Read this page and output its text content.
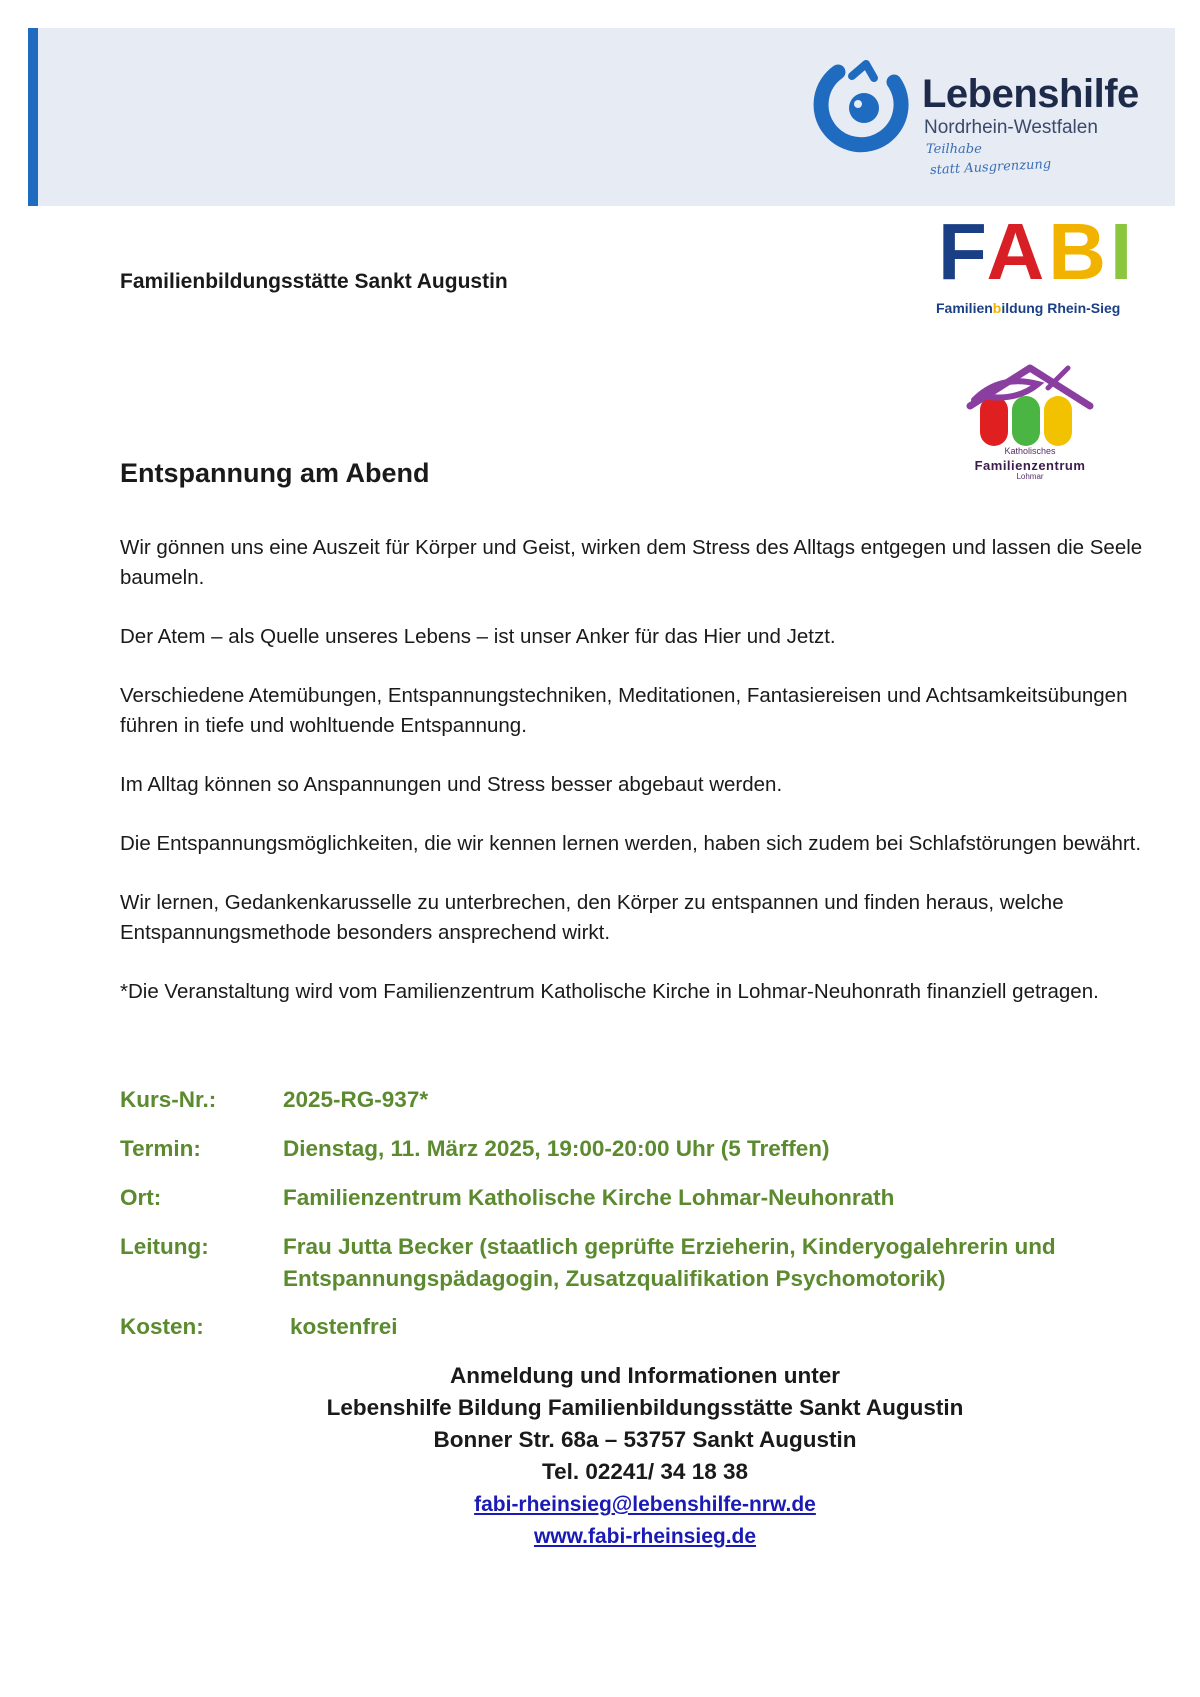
Lebenshilfe
Nordrhein-Westfalen
Teilhabe
statt Ausgrenzung
Familienbildungsstätte Sankt Augustin	FABI
Familienbildung Rhein-Sieg
Katholisches
Familienzentrum
Lohmar
Entspannung am Abend

Wir gönnen uns eine Auszeit für Körper und Geist, wirken dem Stress des Alltags entgegen und lassen die Seele baumeln.

Der Atem – als Quelle unseres Lebens – ist unser Anker für das Hier und Jetzt.

Verschiedene Atemübungen, Entspannungstechniken, Meditationen, Fantasiereisen und Achtsamkeitsübungen führen in tiefe und wohltuende Entspannung.

Im Alltag können so Anspannungen und Stress besser abgebaut werden.

Die Entspannungsmöglichkeiten, die wir kennen lernen werden, haben sich zudem bei Schlafstörungen bewährt.

Wir lernen, Gedankenkarusselle zu unterbrechen, den Körper zu entspannen und finden heraus, welche Entspannungsmethode besonders ansprechend wirkt.

*Die Veranstaltung wird vom Familienzentrum Katholische Kirche in Lohmar-Neuhonrath finanziell getragen.

Kurs-Nr.:	2025-RG-937*
Termin:	Dienstag, 11. März 2025, 19:00-20:00 Uhr (5 Treffen)
Ort:	Familienzentrum Katholische Kirche Lohmar-Neuhonrath
Leitung:	Frau Jutta Becker (staatlich geprüfte Erzieherin, Kinderyogalehrerin und Entspannungspädagogin, Zusatzqualifikation Psychomotorik)
Kosten:	kostenfrei
Anmeldung und Informationen unter
Lebenshilfe Bildung Familienbildungsstätte Sankt Augustin
Bonner Str. 68a – 53757 Sankt Augustin
Tel. 02241/ 34 18 38
fabi-rheinsieg@lebenshilfe-nrw.de
www.fabi-rheinsieg.de
